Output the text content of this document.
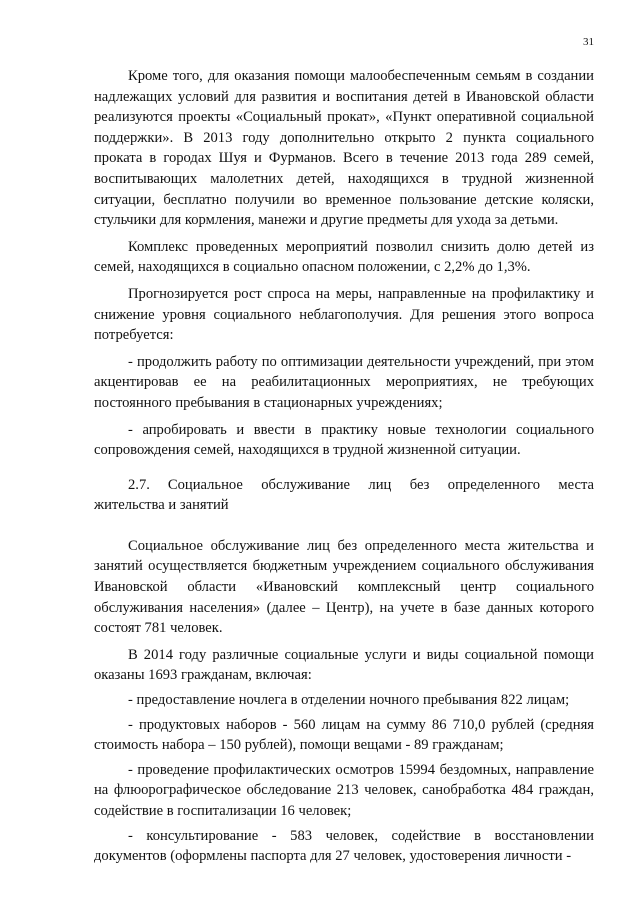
31

Кроме того, для оказания помощи малообеспеченным семьям в создании надлежащих условий для развития и воспитания детей в Ивановской области реализуются проекты «Социальный прокат», «Пункт оперативной социальной поддержки». В 2013 году дополнительно открыто 2 пункта социального проката в городах Шуя и Фурманов. Всего в течение 2013 года 289 семей, воспитывающих малолетних детей, находящихся в трудной жизненной ситуации, бесплатно получили во временное пользование детские коляски, стульчики для кормления, манежи и другие предметы для ухода за детьми.

Комплекс проведенных мероприятий позволил снизить долю детей из семей, находящихся в социально опасном положении, с 2,2% до 1,3%.

Прогнозируется рост спроса на меры, направленные на профилактику и снижение уровня социального неблагополучия. Для решения этого вопроса потребуется:

- продолжить работу по оптимизации деятельности учреждений, при этом акцентировав ее на реабилитационных мероприятиях, не требующих постоянного пребывания в стационарных учреждениях;

- апробировать и ввести в практику новые технологии социального сопровождения семей, находящихся в трудной жизненной ситуации.

2.7. Социальное обслуживание лиц без определенного места жительства и занятий

Социальное обслуживание лиц без определенного места жительства и занятий осуществляется бюджетным учреждением социального обслуживания Ивановской области «Ивановский комплексный центр социального обслуживания населения» (далее – Центр), на учете в базе данных которого состоят 781 человек.

В 2014 году различные социальные услуги и виды социальной помощи оказаны 1693 гражданам, включая:

- предоставление ночлега в отделении ночного пребывания 822 лицам;

- продуктовых наборов - 560 лицам на сумму 86 710,0 рублей (средняя стоимость набора – 150 рублей), помощи вещами - 89 гражданам;

- проведение профилактических осмотров 15994 бездомных, направление на флюорографическое обследование 213 человек, санобработка 484 граждан, содействие в госпитализации 16 человек;

- консультирование - 583 человек, содействие в восстановлении документов (оформлены паспорта для 27 человек, удостоверения личности -
